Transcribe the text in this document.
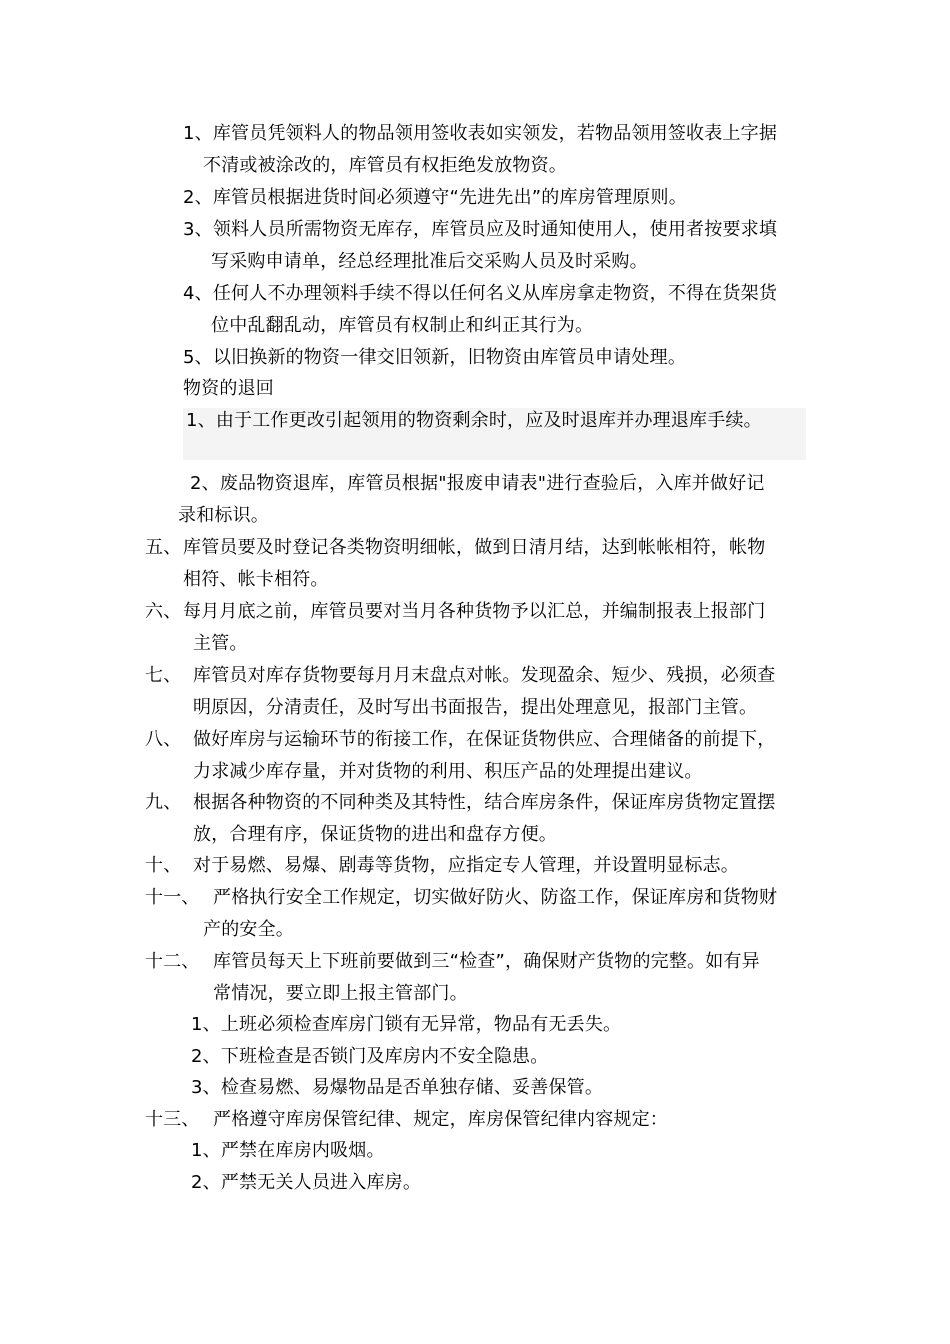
1、库管员凭领料人的物品领用签收表如实领发，若物品领用签收表上字据
不清或被涂改的，库管员有权拒绝发放物资。
2、库管员根据进货时间必须遵守“先进先出”的库房管理原则。
3、领料人员所需物资无库存，库管员应及时通知使用人，使用者按要求填
写采购申请单，经总经理批准后交采购人员及时采购。
4、任何人不办理领料手续不得以任何名义从库房拿走物资，不得在货架货
位中乱翻乱动，库管员有权制止和纠正其行为。
5、以旧换新的物资一律交旧领新，旧物资由库管员申请处理。
物资的退回
1、由于工作更改引起领用的物资剩余时，应及时退库并办理退库手续。
2、废品物资退库，库管员根据"报废申请表"进行查验后，入库并做好记
录和标识。
五、 库管员要及时登记各类物资明细帐，做到日清月结，达到帐帐相符，帐物
相符、帐卡相符。
六、 每月月底之前，库管员要对当月各种货物予以汇总，并编制报表上报部门
主管。
七、 库管员对库存货物要每月月末盘点对帐。发现盈余、短少、残损，必须查
明原因，分清责任，及时写出书面报告，提出处理意见，报部门主管。
八、 做好库房与运输环节的衔接工作，在保证货物供应、合理储备的前提下，
力求减少库存量，并对货物的利用、积压产品的处理提出建议。
九、 根据各种物资的不同种类及其特性，结合库房条件，保证库房货物定置摆
放，合理有序，保证货物的进出和盘存方便。
十、 对于易燃、易爆、剧毒等货物，应指定专人管理，并设置明显标志。
十一、 严格执行安全工作规定，切实做好防火、防盗工作，保证库房和货物财
产的安全。
十二、 库管员每天上下班前要做到三“检查”，确保财产货物的完整。如有异
常情况，要立即上报主管部门。
1、上班必须检查库房门锁有无异常，物品有无丢失。
2、下班检查是否锁门及库房内不安全隐患。
3、检查易燃、易爆物品是否单独存储、妥善保管。
十三、 严格遵守库房保管纪律、规定，库房保管纪律内容规定：
1、严禁在库房内吸烟。
2、严禁无关人员进入库房。
